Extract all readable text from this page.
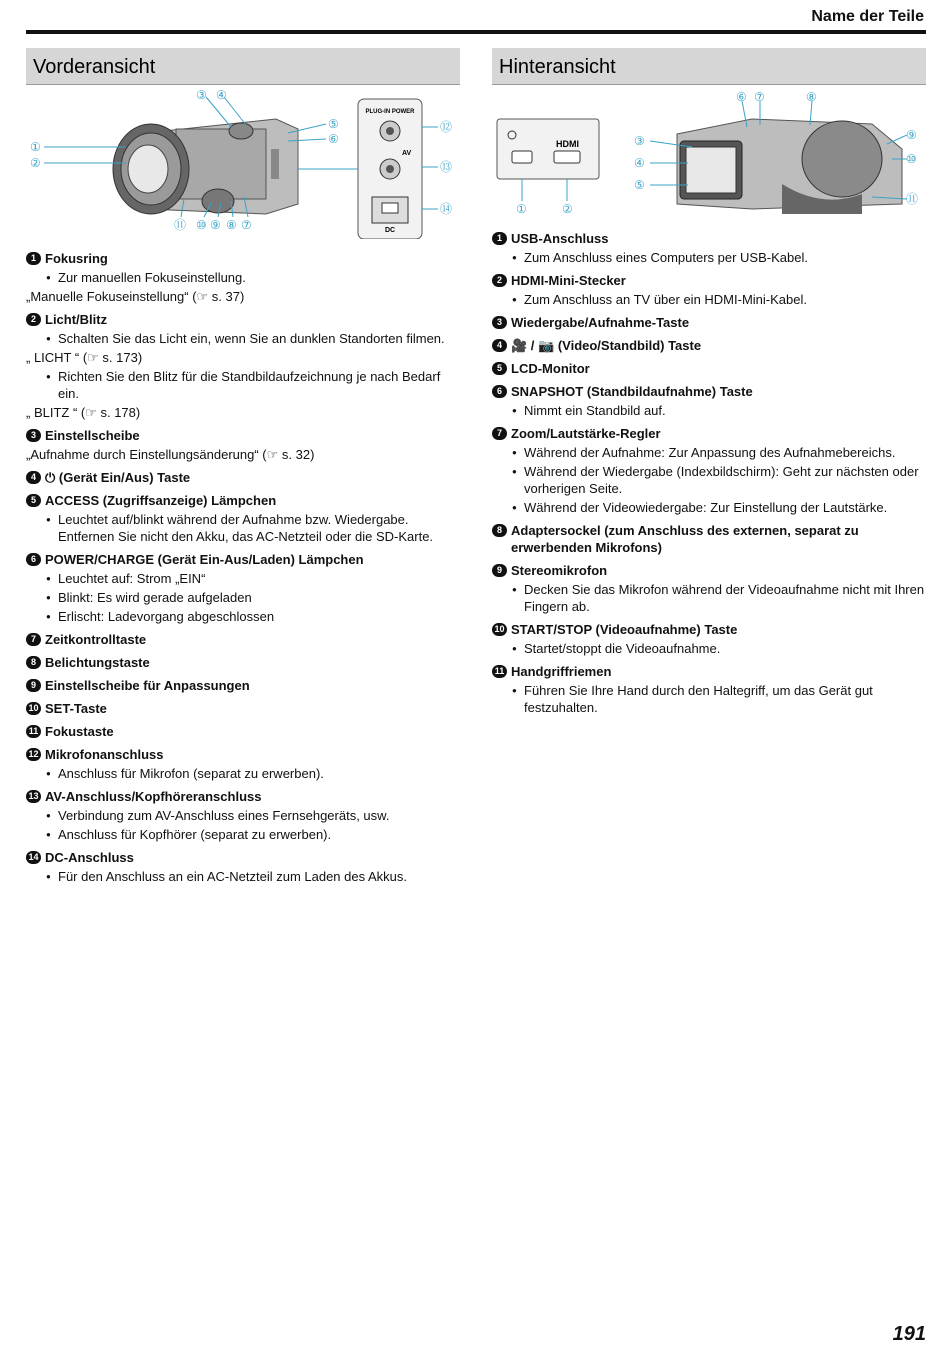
Name der Teile
Vorderansicht
PLUG-IN POWER
AV
DC
①
②
③ ④
⑤
⑥
⑦
⑧
⑨
⑩
⑪
⑫
⑬
⑭
1 Fokusring
● Zur manuellen Fokuseinstellung.
„Manuelle Fokuseinstellung“ (☞ s. 37)
2 Licht/Blitz
● Schalten Sie das Licht ein, wenn Sie an dunklen Standorten filmen.
„ LICHT “ (☞ s. 173)
● Richten Sie den Blitz für die Standbildaufzeichnung je nach Bedarf ein.
„ BLITZ “ (☞ s. 178)
3 Einstellscheibe
„Aufnahme durch Einstellungsänderung“ (☞ s. 32)
4 ⏻ (Gerät Ein/Aus) Taste
5 ACCESS (Zugriffsanzeige) Lämpchen
● Leuchtet auf/blinkt während der Aufnahme bzw. Wiedergabe. Entfernen Sie nicht den Akku, das AC-Netzteil oder die SD-Karte.
6 POWER/CHARGE (Gerät Ein-Aus/Laden) Lämpchen
● Leuchtet auf: Strom „EIN“
● Blinkt: Es wird gerade aufgeladen
● Erlischt: Ladevorgang abgeschlossen
7 Zeitkontrolltaste
8 Belichtungstaste
9 Einstellscheibe für Anpassungen
10 SET-Taste
11 Fokustaste
12 Mikrofonanschluss
● Anschluss für Mikrofon (separat zu erwerben).
13 AV-Anschluss/Kopfhöreranschluss
● Verbindung zum AV-Anschluss eines Fernsehgeräts, usw.
● Anschluss für Kopfhörer (separat zu erwerben).
14 DC-Anschluss
● Für den Anschluss an ein AC-Netzteil zum Laden des Akkus.
Hinteransicht
HDMI
①	②
③
④
⑤
⑥ ⑦	⑧
⑨
⑩
⑪
1 USB-Anschluss
● Zum Anschluss eines Computers per USB-Kabel.
2 HDMI-Mini-Stecker
● Zum Anschluss an TV über ein HDMI-Mini-Kabel.
3 Wiedergabe/Aufnahme-Taste
4 🎥 / 📷 (Video/Standbild) Taste
5 LCD-Monitor
6 SNAPSHOT (Standbildaufnahme) Taste
● Nimmt ein Standbild auf.
7 Zoom/Lautstärke-Regler
● Während der Aufnahme: Zur Anpassung des Aufnahmebereichs.
● Während der Wiedergabe (Indexbildschirm): Geht zur nächsten oder vorherigen Seite.
● Während der Videowiedergabe: Zur Einstellung der Lautstärke.
8 Adaptersockel (zum Anschluss des externen, separat zu erwerbenden Mikrofons)
9 Stereomikrofon
● Decken Sie das Mikrofon während der Videoaufnahme nicht mit Ihren Fingern ab.
10 START/STOP (Videoaufnahme) Taste
● Startet/stoppt die Videoaufnahme.
11 Handgriffriemen
● Führen Sie Ihre Hand durch den Haltegriff, um das Gerät gut festzuhalten.
191
